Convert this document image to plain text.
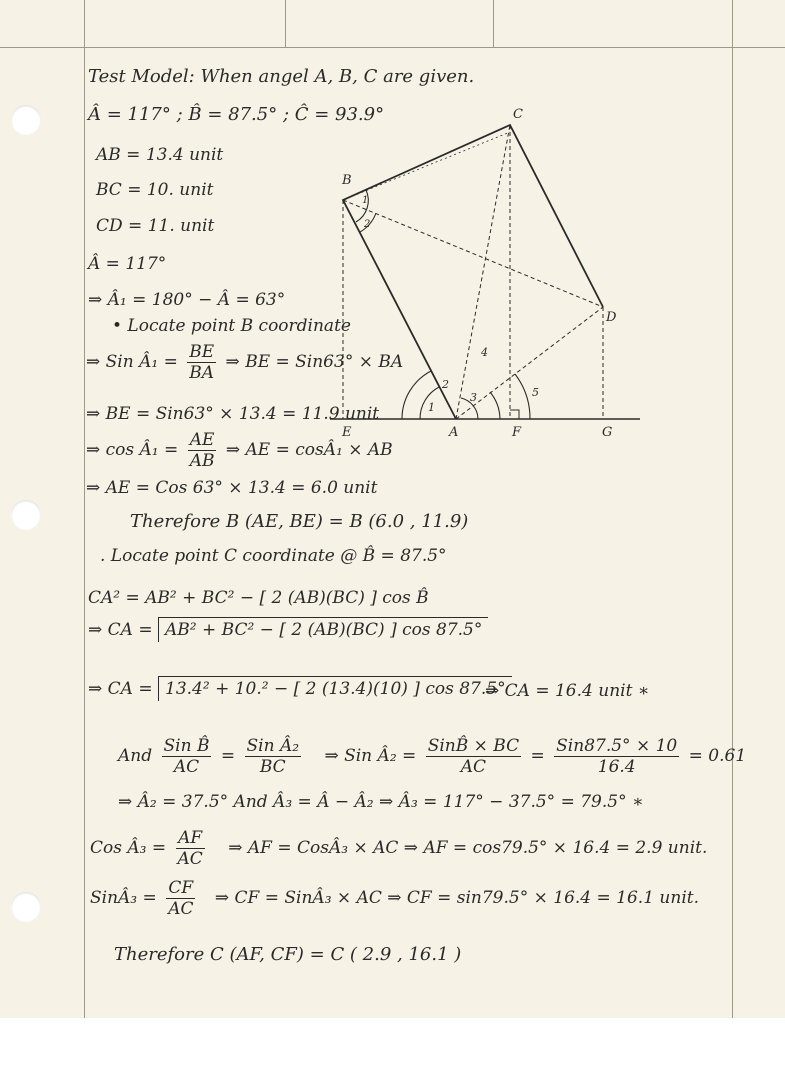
B
C
D
E	A	F	G
1
2
1
2
3
4
5
Test Model: When angel A, B, C are given.
Â = 117° ; B̂ = 87.5° ; Ĉ = 93.9°
AB = 13.4 unit
BC = 10. unit
CD = 11. unit
Â = 117°
⇒ Â₁ = 180° − Â = 63°
• Locate point B coordinate
⇒ Sin Â₁ = $\frac{BE}{BA}$ ⇒ BE = Sin63° × BA
⇒ BE = Sin63° × 13.4 = 11.9 unit
⇒ cos Â₁ = $\frac{AE}{AB}$ ⇒ AE = cosÂ₁ × AB
⇒ AE = Cos 63° × 13.4 = 6.0 unit
Therefore B (AE, BE) = B (6.0 , 11.9)
. Locate point C coordinate @ B̂ = 87.5°
CA² = AB² + BC² − [ 2 (AB)(BC) ] cos B̂
⇒ CA = AB² + BC² − [ 2 (AB)(BC) ] cos 87.5°
⇒ CA = 13.4² + 10.² − [ 2 (13.4)(10) ] cos 87.5°
⇒ CA = 16.4 unit ∗
And $\frac{\text{Sin B̂}}{AC} = \frac{\text{Sin Â₂}}{BC}$ ⇒ Sin Â₂ = $\frac{\text{SinB̂ × BC}}{AC} = \frac{\text{Sin87.5° × 10}}{16.4} = 0.61$
⇒ Â₂ = 37.5° And Â₃ = Â − Â₂ ⇒ Â₃ = 117° − 37.5° = 79.5° ∗
Cos Â₃ = $\frac{AF}{AC}$ ⇒ AF = CosÂ₃ × AC ⇒ AF = cos79.5° × 16.4 = 2.9 unit.
SinÂ₃ = $\frac{CF}{AC}$ ⇒ CF = SinÂ₃ × AC ⇒ CF = sin79.5° × 16.4 = 16.1 unit.
Therefore C (AF, CF) = C ( 2.9 , 16.1 )
